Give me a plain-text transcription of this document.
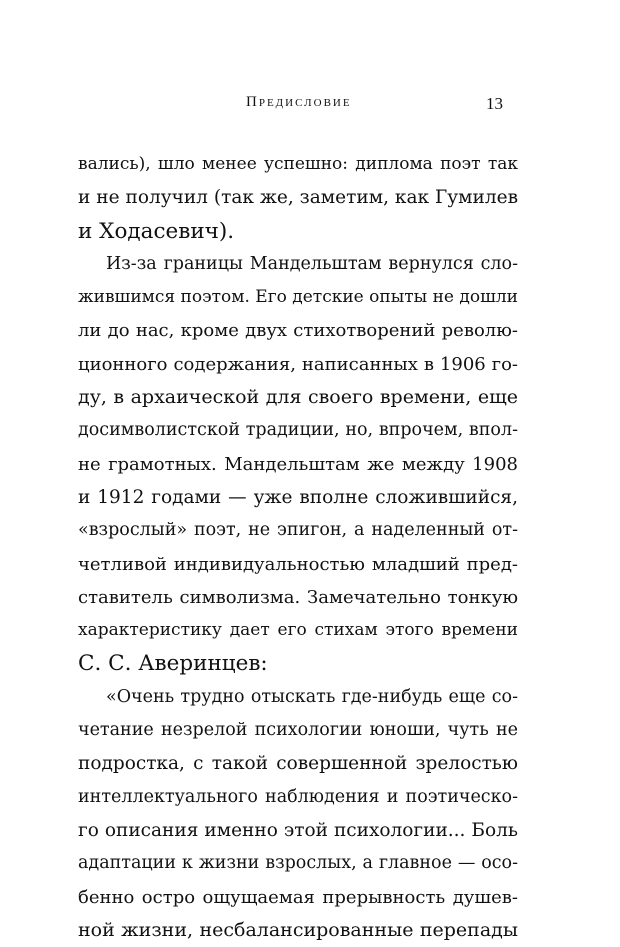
Предисловие	13
вались), шло менее успешно: диплома поэт так
и не получил (так же, заметим, как Гумилев
и Ходасевич).
Из-за границы Мандельштам вернулся сло-
жившимся поэтом. Его детские опыты не дошли
ли до нас, кроме двух стихотворений револю-
ционного содержания, написанных в 1906 го-
ду, в архаической для своего времени, еще
досимволистской традиции, но, впрочем, впол-
не грамотных. Мандельштам же между 1908
и 1912 годами — уже вполне сложившийся,
«взрослый» поэт, не эпигон, а наделенный от-
четливой индивидуальностью младший пред-
ставитель символизма. Замечательно тонкую
характеристику дает его стихам этого времени
С. С. Аверинцев:
«Очень трудно отыскать где-нибудь еще со-
четание незрелой психологии юноши, чуть не
подростка, с такой совершенной зрелостью
интеллектуального наблюдения и поэтическо-
го описания именно этой психологии... Боль
адаптации к жизни взрослых, а главное — осо-
бенно остро ощущаемая прерывность душев-
ной жизни, несбалансированные перепады
